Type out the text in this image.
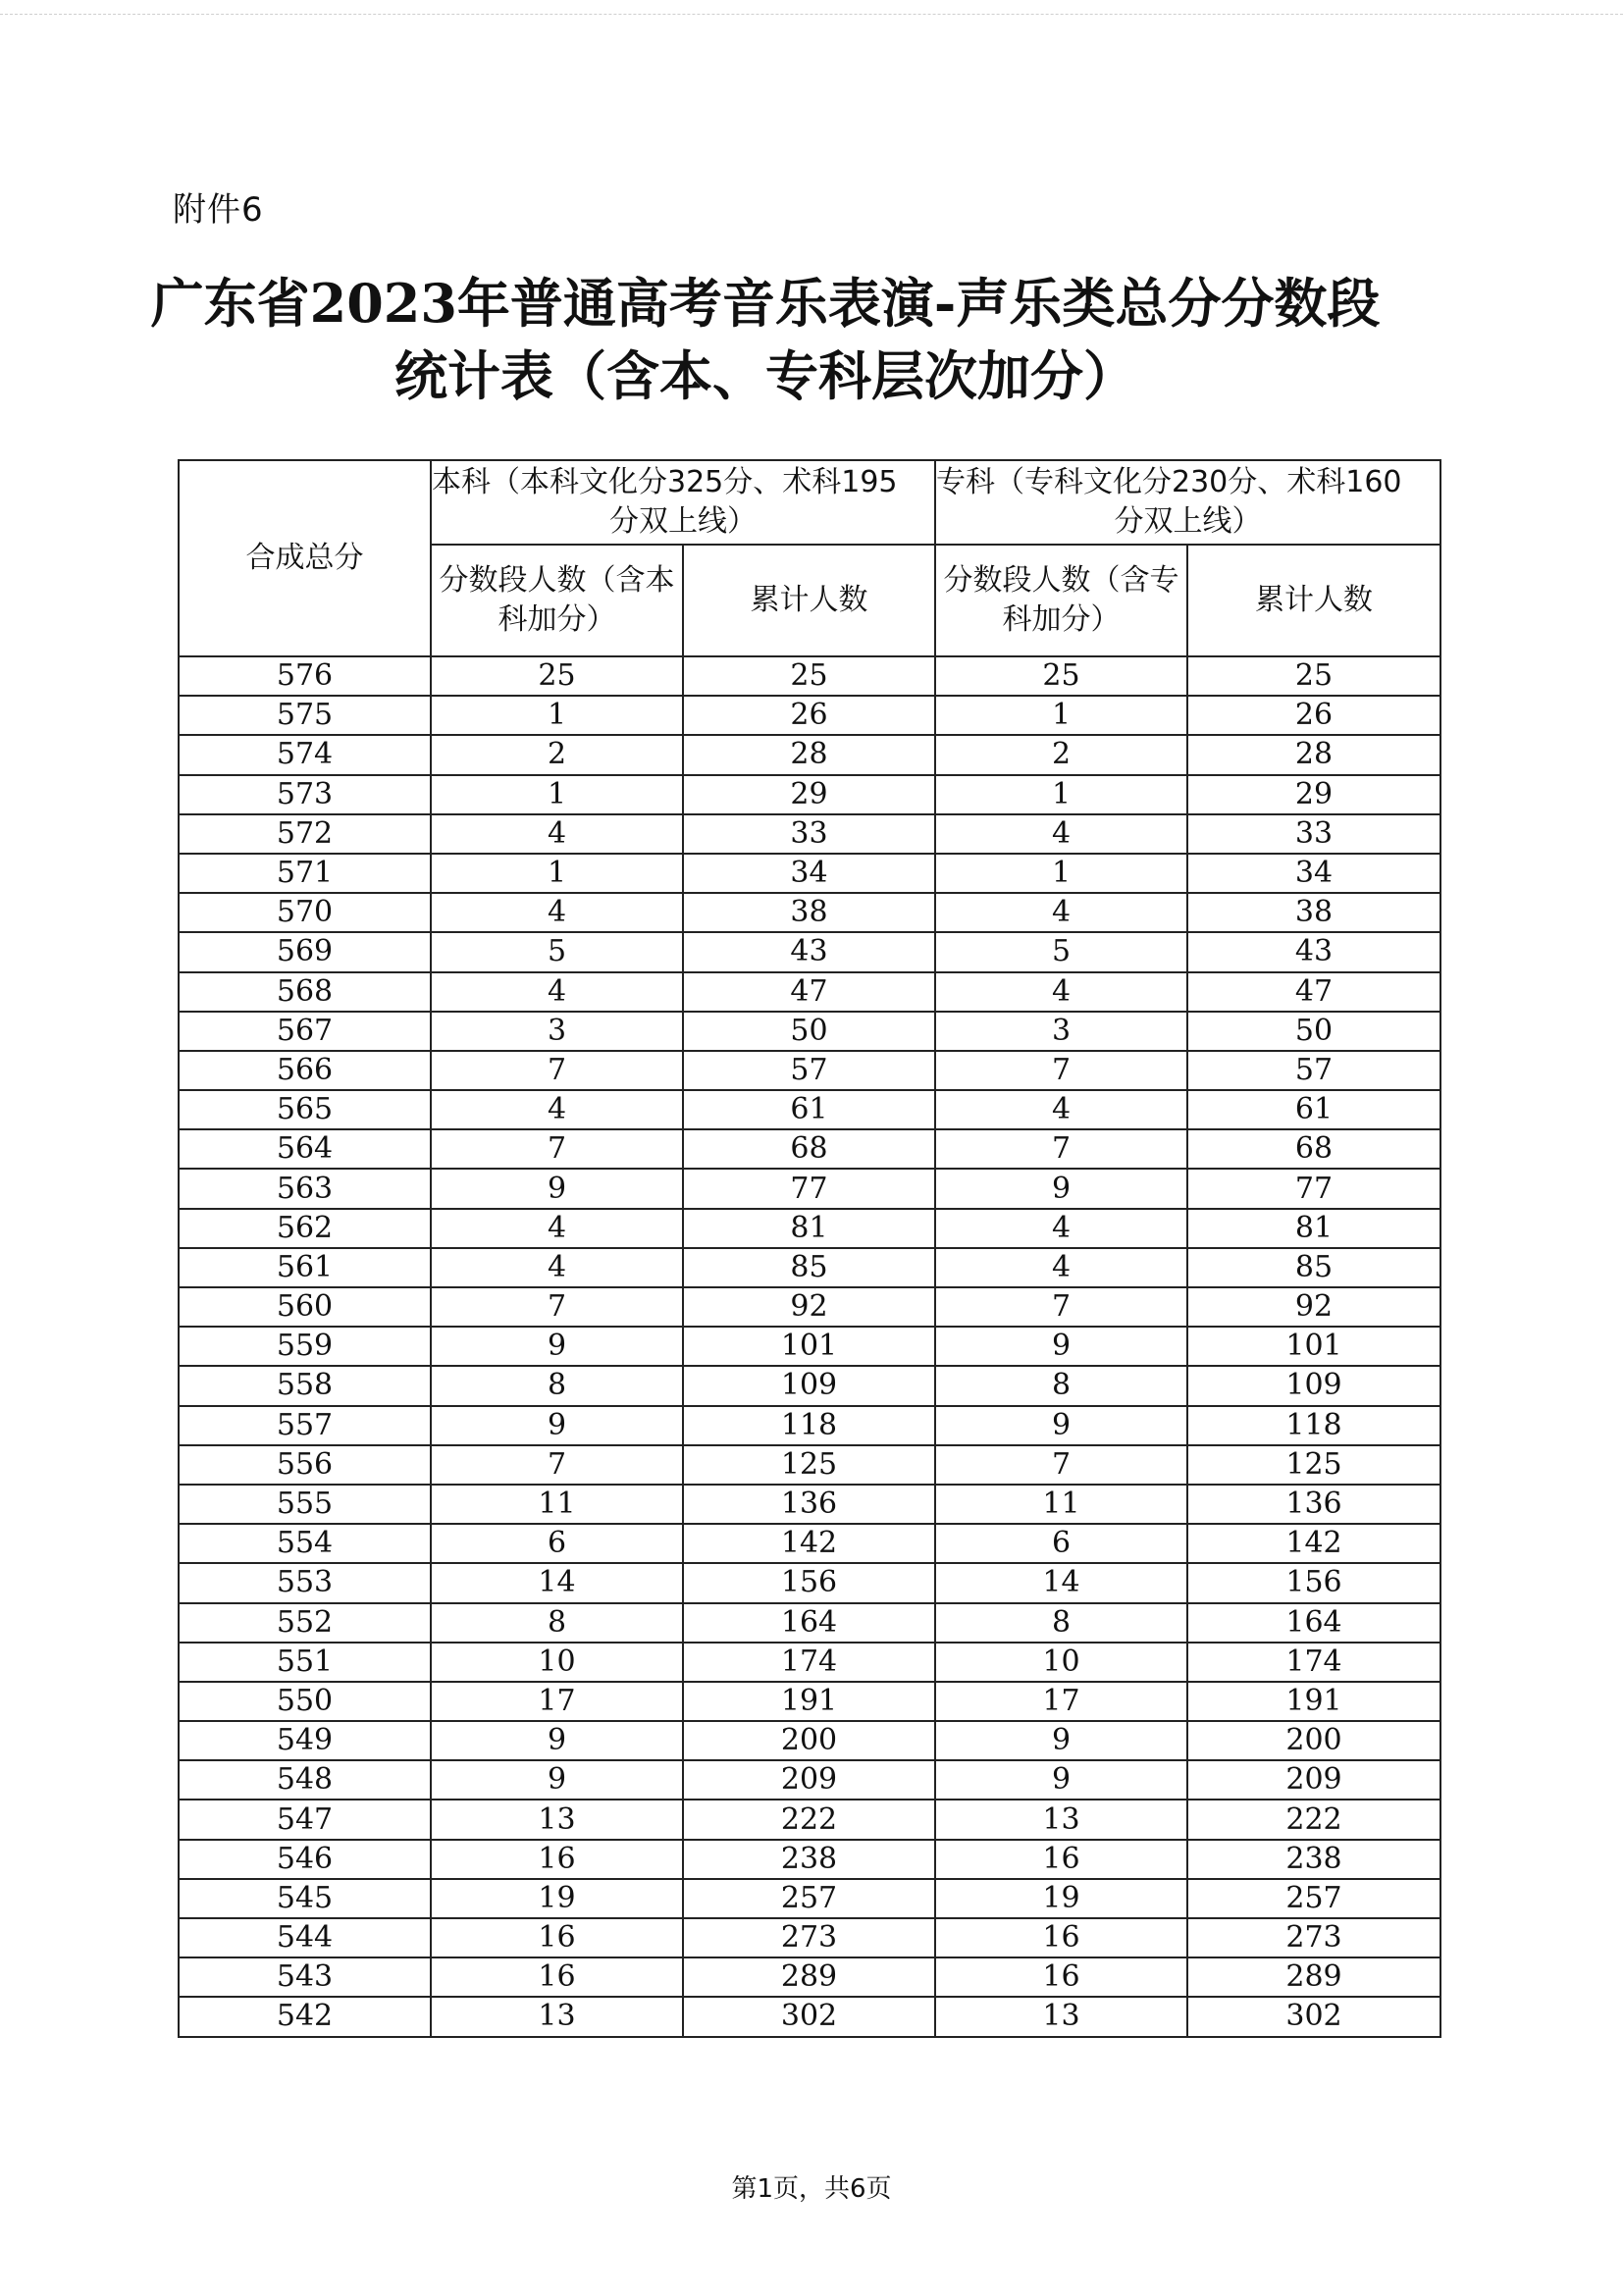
附件6
广东省2023年普通高考音乐表演-声乐类总分分数段
统计表（含本、专科层次加分）
合成总分	本科（本科文化分325分、术科195
分双上线）		专科（专科文化分230分、术科160
分双上线）	

	分数段人数（含本科加分）	累计人数	分数段人数（含专科加分）	累计人数
576	25	25	25	25
575	1	26	1	26
574	2	28	2	28
573	1	29	1	29
572	4	33	4	33
571	1	34	1	34
570	4	38	4	38
569	5	43	5	43
568	4	47	4	47
567	3	50	3	50
566	7	57	7	57
565	4	61	4	61
564	7	68	7	68
563	9	77	9	77
562	4	81	4	81
561	4	85	4	85
560	7	92	7	92
559	9	101	9	101
558	8	109	8	109
557	9	118	9	118
556	7	125	7	125
555	11	136	11	136
554	6	142	6	142
553	14	156	14	156
552	8	164	8	164
551	10	174	10	174
550	17	191	17	191
549	9	200	9	200
548	9	209	9	209
547	13	222	13	222
546	16	238	16	238
545	19	257	19	257
544	16	273	16	273
543	16	289	16	289
542	13	302	13	302
第1页，共6页
